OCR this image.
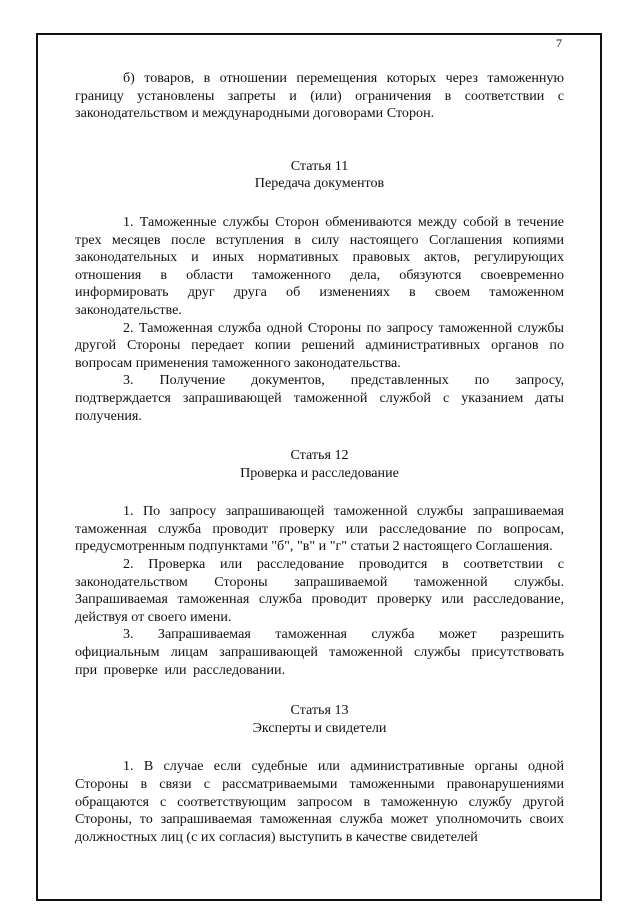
7

б) товаров, в отношении перемещения которых через таможенную границу установлены запреты и (или) ограничения в соответствии с законодательством и международными договорами Сторон.

Статья 11

Передача документов

1. Таможенные службы Сторон обмениваются между собой в течение трех месяцев после вступления в силу настоящего Соглашения копиями законодательных и иных нормативных правовых актов, регулирующих отношения в области таможенного дела, обязуются своевременно информировать друг друга об изменениях в своем таможенном законодательстве.

2. Таможенная служба одной Стороны по запросу таможенной службы другой Стороны передает копии решений административных органов по вопросам применения таможенного законодательства.

3. Получение документов, представленных по запросу, подтверждается запрашивающей таможенной службой с указанием даты получения.

Статья 12

Проверка и расследование

1. По запросу запрашивающей таможенной службы запрашиваемая таможенная служба проводит проверку или расследование по вопросам, предусмотренным подпунктами "б", "в" и "г" статьи 2 настоящего Соглашения.

2. Проверка или расследование проводится в соответствии с законодательством Стороны запрашиваемой таможенной службы. Запрашиваемая таможенная служба проводит проверку или расследование, действуя от своего имени.

3. Запрашиваемая таможенная служба может разрешить официальным лицам запрашивающей таможенной службы присутствовать при проверке или расследовании.

Статья 13

Эксперты и свидетели

1. В случае если судебные или административные органы одной Стороны в связи с рассматриваемыми таможенными правонарушениями обращаются с соответствующим запросом в таможенную службу другой Стороны, то запрашиваемая таможенная служба может уполномочить своих должностных лиц (с их согласия) выступить в качестве свидетелей
